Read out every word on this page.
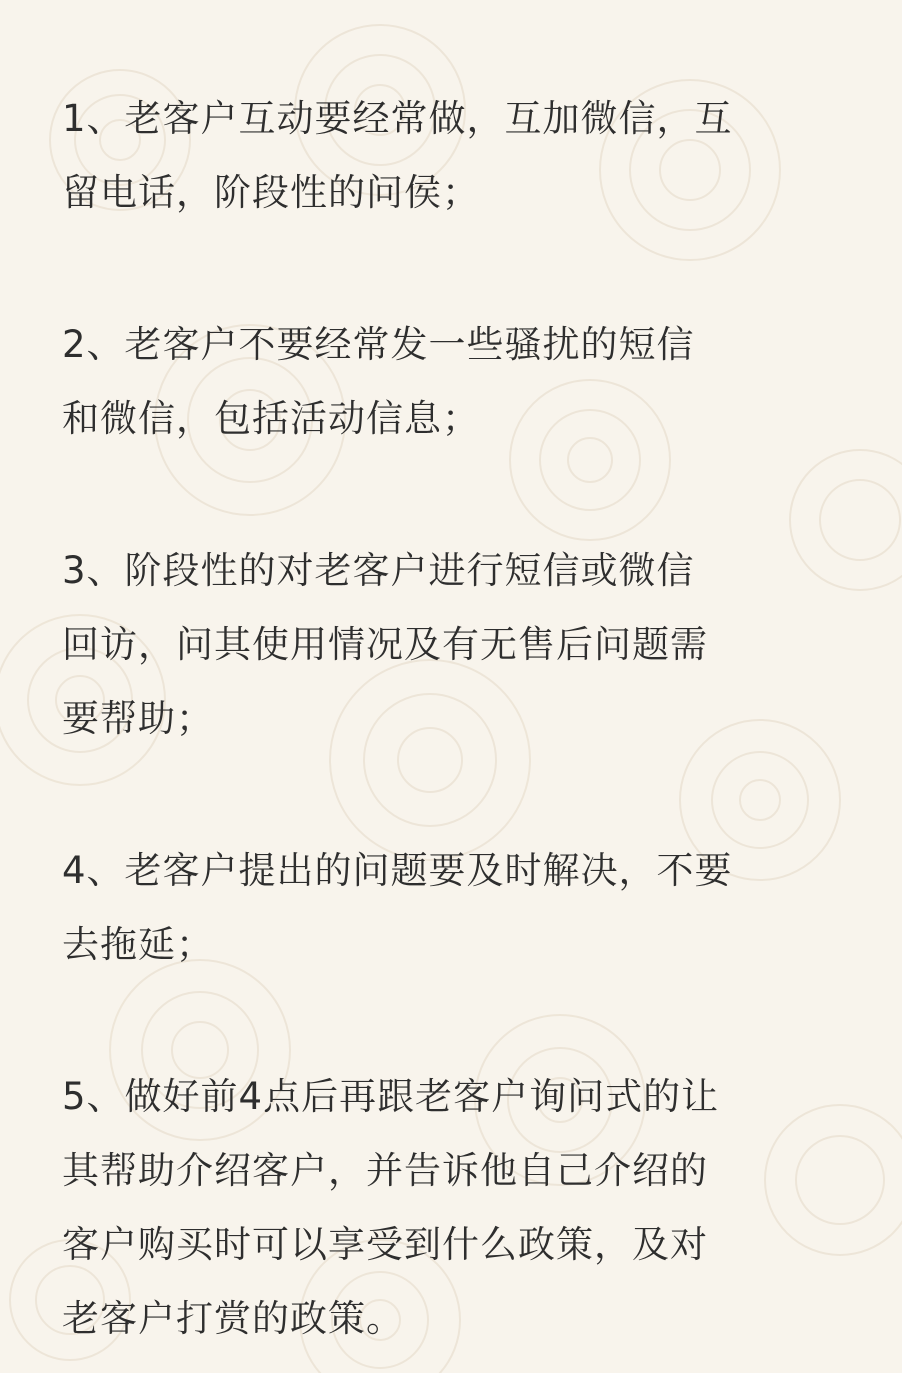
1、老客户互动要经常做，互加微信，互
留电话，阶段性的问侯；

2、老客户不要经常发一些骚扰的短信
和微信，包括活动信息；

3、阶段性的对老客户进行短信或微信
回访，问其使用情况及有无售后问题需
要帮助；

4、老客户提出的问题要及时解决，不要
去拖延；

5、做好前4点后再跟老客户询问式的让
其帮助介绍客户，并告诉他自己介绍的
客户购买时可以享受到什么政策，及对
老客户打赏的政策。
